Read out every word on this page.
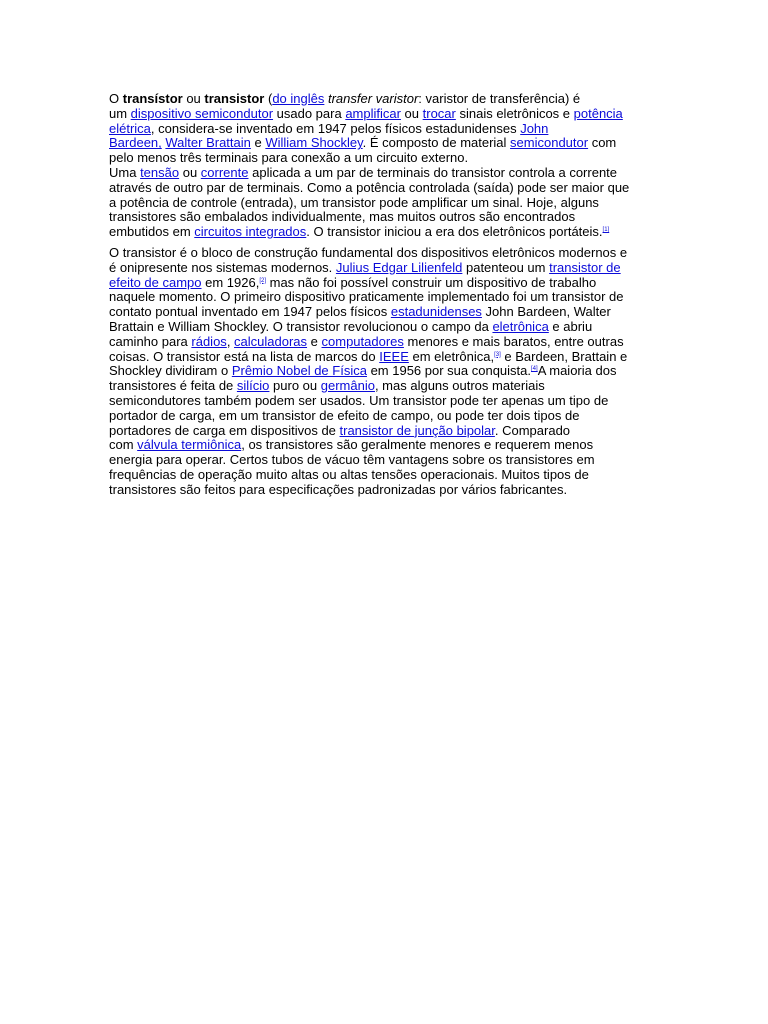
O transístor ou transistor (do inglês transfer varistor: varistor de transferência) é
um dispositivo semicondutor usado para amplificar ou trocar sinais eletrônicos e potência
elétrica, considera-se inventado em 1947 pelos físicos estadunidenses John
Bardeen, Walter Brattain e William Shockley. É composto de material semicondutor com
pelo menos três terminais para conexão a um circuito externo.
Uma tensão ou corrente aplicada a um par de terminais do transistor controla a corrente
através de outro par de terminais. Como a potência controlada (saída) pode ser maior que
a potência de controle (entrada), um transistor pode amplificar um sinal. Hoje, alguns
transistores são embalados individualmente, mas muitos outros são encontrados
embutidos em circuitos integrados. O transistor iniciou a era dos eletrônicos portáteis.[1]
O transistor é o bloco de construção fundamental dos dispositivos eletrônicos modernos e
é onipresente nos sistemas modernos. Julius Edgar Lilienfeld patenteou um transistor de
efeito de campo em 1926,[2] mas não foi possível construir um dispositivo de trabalho
naquele momento. O primeiro dispositivo praticamente implementado foi um transistor de
contato pontual inventado em 1947 pelos físicos estadunidenses John Bardeen, Walter
Brattain e William Shockley. O transistor revolucionou o campo da eletrônica e abriu
caminho para rádios, calculadoras e computadores menores e mais baratos, entre outras
coisas. O transistor está na lista de marcos do IEEE em eletrônica,[3] e Bardeen, Brattain e
Shockley dividiram o Prêmio Nobel de Física em 1956 por sua conquista.[4]A maioria dos
transistores é feita de silício puro ou germânio, mas alguns outros materiais
semicondutores também podem ser usados. Um transistor pode ter apenas um tipo de
portador de carga, em um transistor de efeito de campo, ou pode ter dois tipos de
portadores de carga em dispositivos de transistor de junção bipolar. Comparado
com válvula termiônica, os transistores são geralmente menores e requerem menos
energia para operar. Certos tubos de vácuo têm vantagens sobre os transistores em
frequências de operação muito altas ou altas tensões operacionais. Muitos tipos de
transistores são feitos para especificações padronizadas por vários fabricantes.
